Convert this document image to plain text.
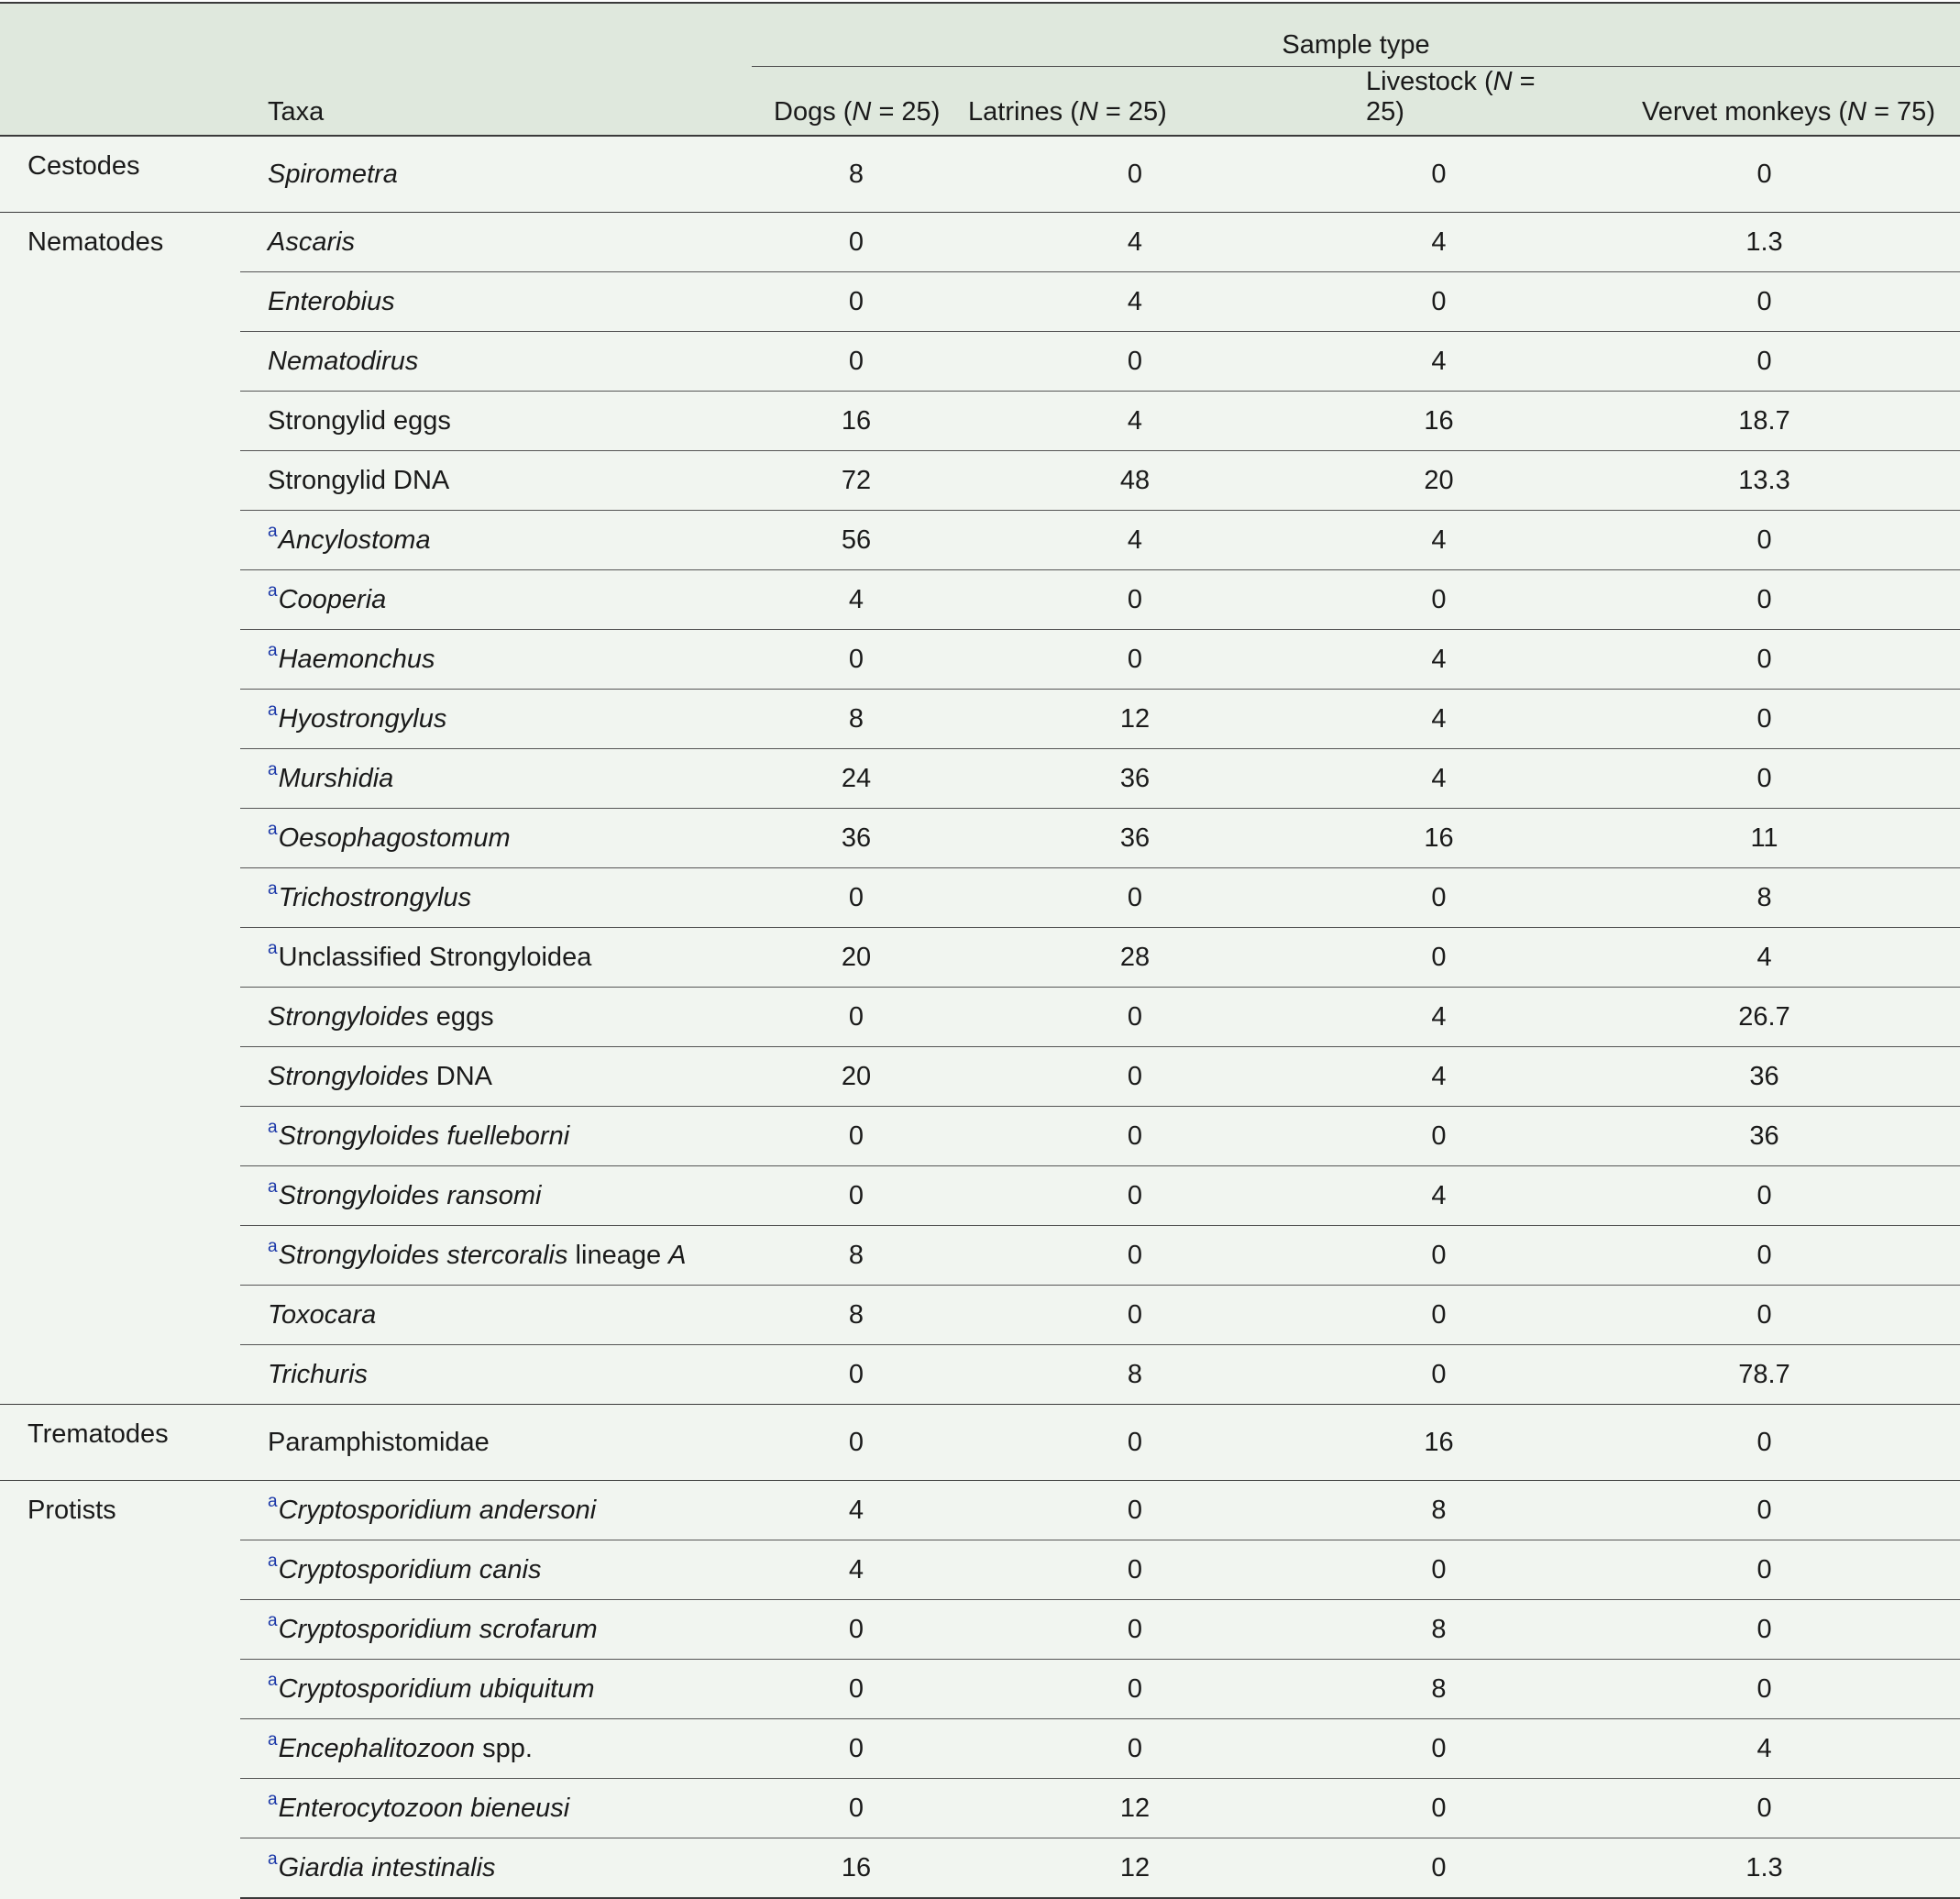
		Sample type			
	Taxa	Dogs (N = 25)	Latrines (N = 25)	Livestock (N = 25)	Vervet monkeys (N = 75)
Cestodes	Spirometra	8	0	0	0
Nematodes	Ascaris	0	4	4	1.3
	Enterobius	0	4	0	0
	Nematodirus	0	0	4	0
	Strongylid eggs	16	4	16	18.7
	Strongylid DNA	72	48	20	13.3
	$^a$Ancylostoma	56	4	4	0
	$^a$Cooperia	4	0	0	0
	$^a$Haemonchus	0	0	4	0
	$^a$Hyostrongylus	8	12	4	0
	$^a$Murshidia	24	36	4	0
	$^a$Oesophagostomum	36	36	16	11
	$^a$Trichostrongylus	0	0	0	8
	$^a$Unclassified Strongyloidea	20	28	0	4
	Strongyloides eggs	0	0	4	26.7
	Strongyloides DNA	20	0	4	36
	$^a$Strongyloides fuelleborni	0	0	0	36
	$^a$Strongyloides ransomi	0	0	4	0
	$^a$Strongyloides stercoralis lineage A	8	0	0	0
	Toxocara	8	0	0	0
	Trichuris	0	8	0	78.7
Trematodes	Paramphistomidae	0	0	16	0
Protists	$^a$Cryptosporidium andersoni	4	0	8	0
	$^a$Cryptosporidium canis	4	0	0	0
	$^a$Cryptosporidium scrofarum	0	0	8	0
	$^a$Cryptosporidium ubiquitum	0	0	8	0
	$^a$Encephalitozoon spp.	0	0	0	4
	$^a$Enterocytozoon bieneusi	0	12	0	0
	$^a$Giardia intestinalis	16	12	0	1.3
